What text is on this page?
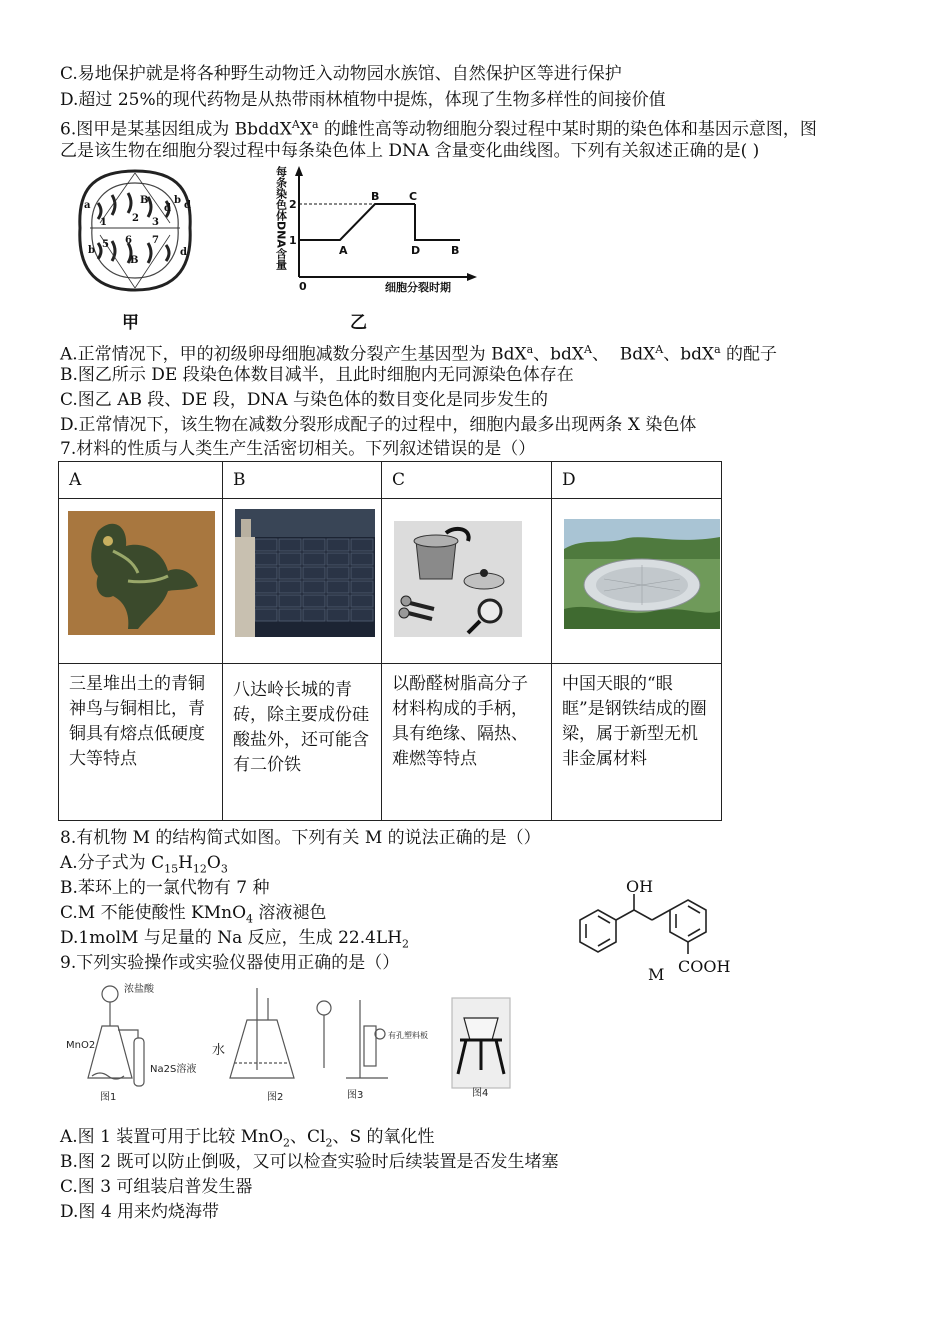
C.易地保护就是将各种野生动物迁入动物园水族馆、自然保护区等进行保护
D.超过 25%的现代药物是从热带雨林植物中提炼，体现了生物多样性的间接价值
6.图甲是某基因组成为 $BbddX^AX^a$ 的雌性高等动物细胞分裂过程中某时期的染色体和基因示意图，图
乙是该生物在细胞分裂过程中每条染色体上 DNA 含量变化曲线图。下列有关叙述正确的是( )
a
1	2 3
b d
B
d
5 6 7
B
b	d
甲
每条染色体DNA含量 1
2
0
A
B	C
D	B
细胞分裂时期
乙
A.正常情况下，甲的初级卵母细胞减数分裂产生基因型为 BdX$^a$、bdX$^A$、  BdX$^A$、bdX$^a$ 的配子
B.图乙所示 DE 段染色体数目减半，且此时细胞内无同源染色体存在
C.图乙 AB 段、DE 段，DNA 与染色体的数目变化是同步发生的
D.正常情况下，该生物在减数分裂形成配子的过程中，细胞内最多出现两条 X 染色体
7.材料的性质与人类生产生活密切相关。下列叙述错误的是（）
A	B	C	D

三星堆出土的青铜神鸟与铜相比，青铜具有熔点低硬度大等特点	八达岭长城的青砖，除主要成份硅酸盐外，还可能含有二价铁	以酚醛树脂高分子材料构成的手柄，具有绝缘、隔热、难燃等特点	中国天眼的“眼眶”是钢铁结成的圈梁，属于新型无机非金属材料
8.有机物 M 的结构简式如图。下列有关 M 的说法正确的是（）
A.分子式为 $C_{15}H_{12}O_3$
B.苯环上的一氯代物有 7 种
C.M 不能使酸性 KMnO$_4$ 溶液褪色
D.1molM 与足量的 Na 反应，生成 $22.4LH_2$
OH
COOH
M
9.下列实验操作或实验仪器使用正确的是（）
浓盐酸
MnO2
Na2S溶液
水
有孔塑料板
图1	图2	图3	图4
A.图 1 装置可用于比较 MnO$_2$、$Cl_2$、S 的氧化性
B.图 2 既可以防止倒吸，又可以检查实验时后续装置是否发生堵塞
C.图 3 可组装启普发生器
D.图 4 用来灼烧海带
